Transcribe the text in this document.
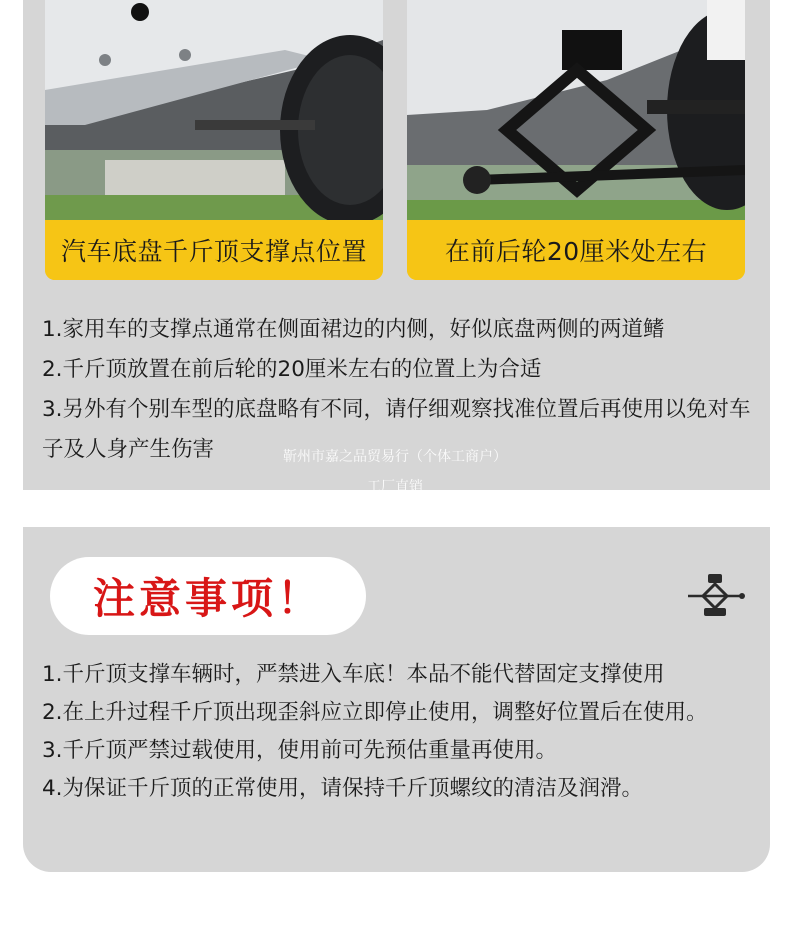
汽车底盘千斤顶支撑点位置	在前后轮20厘米处左右

1.家用车的支撑点通常在侧面裙边的内侧，好似底盘两侧的两道鳍

2.千斤顶放置在前后轮的20厘米左右的位置上为合适

3.另外有个别车型的底盘略有不同，请仔细观察找准位置后再使用以免对车子及人身产生伤害	靳州市嘉之品贸易行（个体工商户）
工厂直销
注意事项！

1.千斤顶支撑车辆时，严禁进入车底！本品不能代替固定支撑使用

2.在上升过程千斤顶出现歪斜应立即停止使用，调整好位置后在使用。

3.千斤顶严禁过载使用，使用前可先预估重量再使用。

4.为保证千斤顶的正常使用，请保持千斤顶螺纹的清洁及润滑。
